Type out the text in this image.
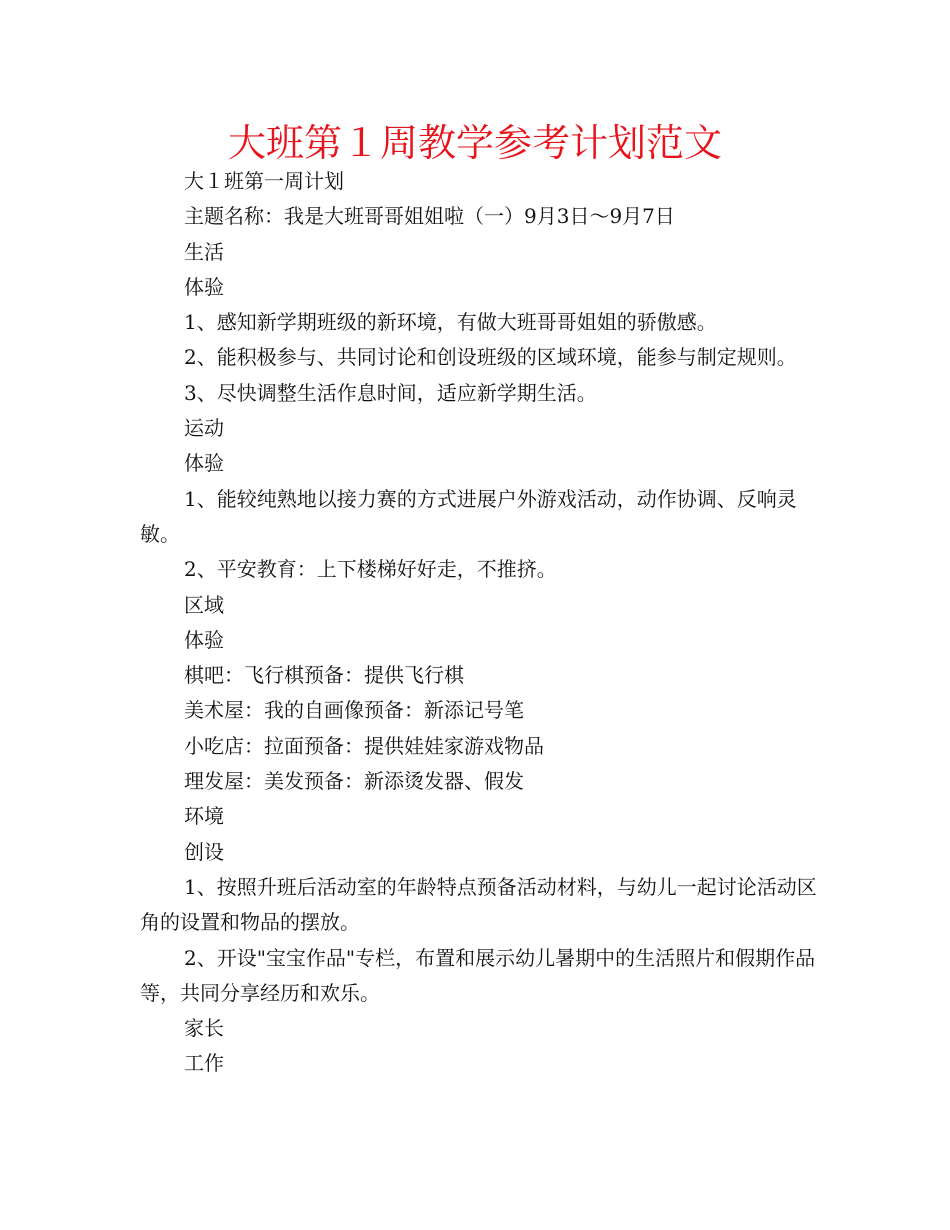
大班第１周教学参考计划范文

大１班第一周计划

主题名称：我是大班哥哥姐姐啦（一）9月3日～9月7日

生活

体验

1、感知新学期班级的新环境，有做大班哥哥姐姐的骄傲感。

2、能积极参与、共同讨论和创设班级的区域环境，能参与制定规则。

3、尽快调整生活作息时间，适应新学期生活。

运动

体验

1、能较纯熟地以接力赛的方式进展户外游戏活动，动作协调、反响灵敏。

2、平安教育：上下楼梯好好走，不推挤。

区域

体验

棋吧：飞行棋预备：提供飞行棋

美术屋：我的自画像预备：新添记号笔

小吃店：拉面预备：提供娃娃家游戏物品

理发屋：美发预备：新添烫发器、假发

环境

创设

1、按照升班后活动室的年龄特点预备活动材料，与幼儿一起讨论活动区角的设置和物品的摆放。

2、开设"宝宝作品"专栏，布置和展示幼儿暑期中的生活照片和假期作品等，共同分享经历和欢乐。

家长

工作
